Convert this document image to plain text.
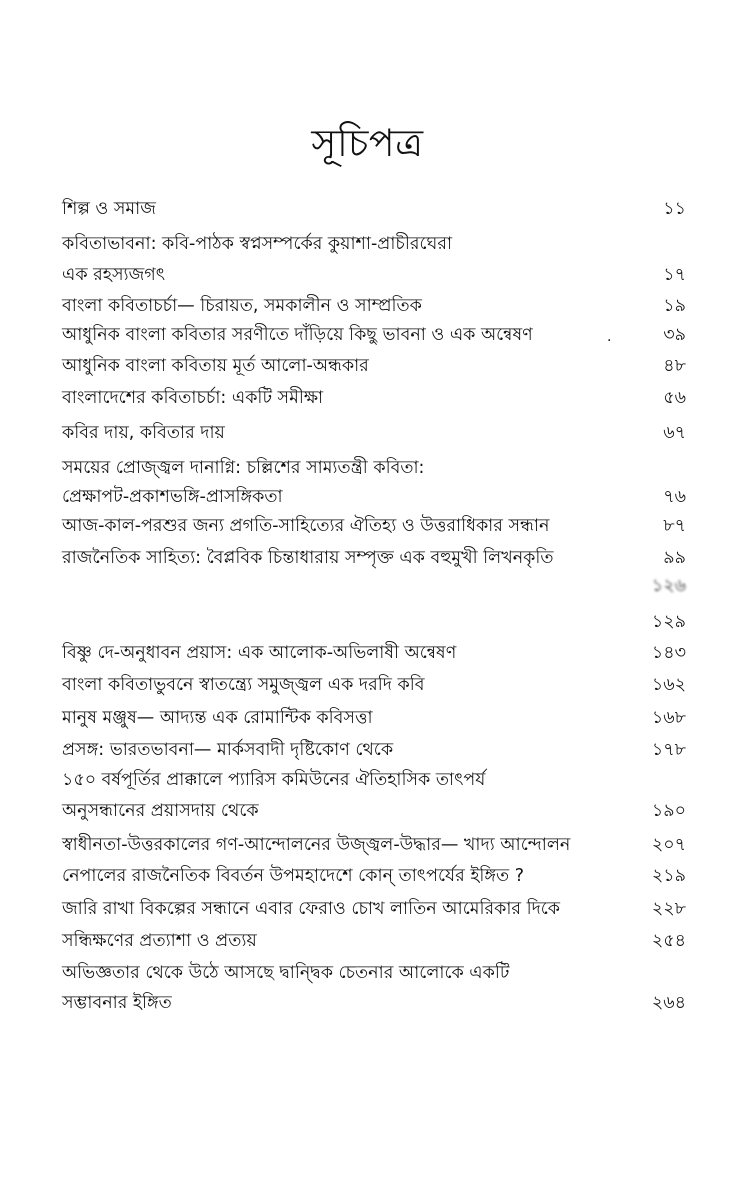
সূচিপত্র
শিল্প ও সমাজ	১১
কবিতাভাবনা: কবি-পাঠক স্বপ্নসম্পর্কের কুয়াশা-প্রাচীরঘেরা
এক রহস্যজগৎ	১৭
বাংলা কবিতাচর্চা— চিরায়ত, সমকালীন ও সাম্প্রতিক	১৯
আধুনিক বাংলা কবিতার সরণীতে দাঁড়িয়ে কিছু ভাবনা ও এক অন্বেষণ	৩৯
আধুনিক বাংলা কবিতায় মূর্ত আলো-অন্ধকার	৪৮
বাংলাদেশের কবিতাচর্চা: একটি সমীক্ষা	৫৬
কবির দায়, কবিতার দায়	৬৭
সময়ের প্রোজ্জ্বল দানাগ্নি: চল্লিশের সাম্যতন্ত্রী কবিতা:
প্রেক্ষাপট-প্রকাশভঙ্গি-প্রাসঙ্গিকতা	৭৬
আজ-কাল-পরশুর জন্য প্রগতি-সাহিত্যের ঐতিহ্য ও উত্তরাধিকার সন্ধান	৮৭
রাজনৈতিক সাহিত্য: বৈপ্লবিক চিন্তাধারায় সম্পৃক্ত এক বহুমুখী লিখনকৃতি	৯৯
১২৯
বিষ্ণু দে-অনুধাবন প্রয়াস: এক আলোক-অভিলাষী অন্বেষণ	১৪৩
বাংলা কবিতাভুবনে স্বাতন্ত্র্যে সমুজ্জ্বল এক দরদি কবি	১৬২
মানুষ মঞ্জুষ— আদ্যন্ত এক রোমান্টিক কবিসত্তা	১৬৮
প্রসঙ্গ: ভারতভাবনা— মার্কসবাদী দৃষ্টিকোণ থেকে	১৭৮
১৫০ বর্ষপূর্তির প্রাক্কালে প্যারিস কমিউনের ঐতিহাসিক তাৎপর্য
অনুসন্ধানের প্রয়াসদায় থেকে	১৯০
স্বাধীনতা-উত্তরকালের গণ-আন্দোলনের উজ্জ্বল-উদ্ধার— খাদ্য আন্দোলন	২০৭
নেপালের রাজনৈতিক বিবর্তন উপমহাদেশে কোন্ তাৎপর্যের ইঙ্গিত ?	২১৯
জারি রাখা বিকল্পের সন্ধানে এবার ফেরাও চোখ লাতিন আমেরিকার দিকে	২২৮
সন্ধিক্ষণের প্রত্যাশা ও প্রত্যয়	২৫৪
অভিজ্ঞতার থেকে উঠে আসছে দ্বান্দ্বিক চেতনার আলোকে একটি
সম্ভাবনার ইঙ্গিত	২৬৪
.
১২৬
